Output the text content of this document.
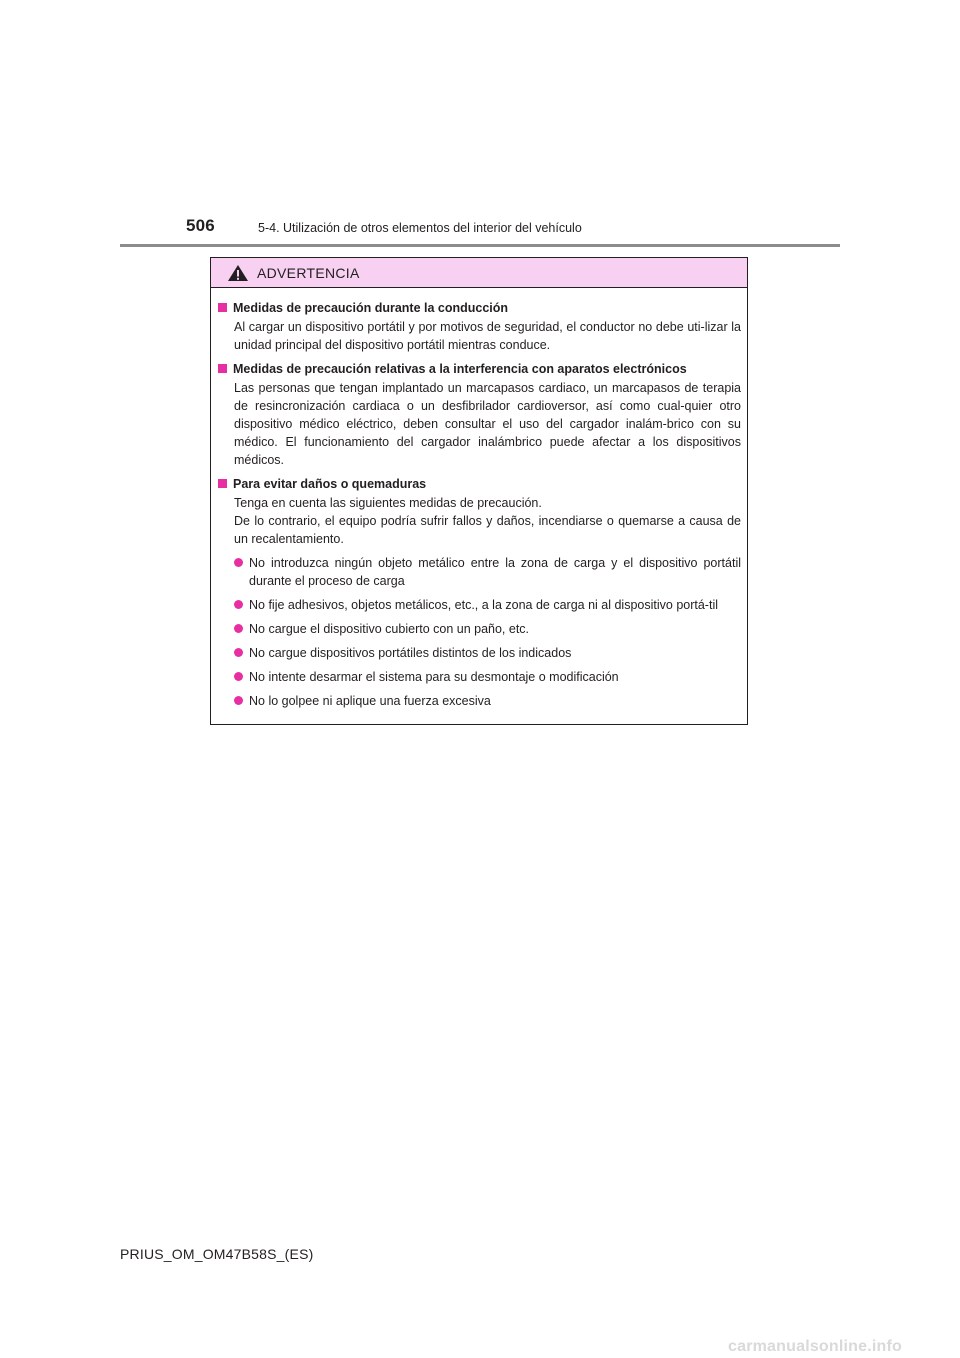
506	5-4. Utilización de otros elementos del interior del vehículo
ADVERTENCIA
Medidas de precaución durante la conducción

Al cargar un dispositivo portátil y por motivos de seguridad, el conductor no debe uti-lizar la unidad principal del dispositivo portátil mientras conduce.

Medidas de precaución relativas a la interferencia con aparatos electrónicos

Las personas que tengan implantado un marcapasos cardiaco, un marcapasos de terapia de resincronización cardiaca o un desfibrilador cardioversor, así como cual-quier otro dispositivo médico eléctrico, deben consultar el uso del cargador inalám-brico con su médico. El funcionamiento del cargador inalámbrico puede afectar a los dispositivos médicos.

Para evitar daños o quemaduras

Tenga en cuenta las siguientes medidas de precaución.

De lo contrario, el equipo podría sufrir fallos y daños, incendiarse o quemarse a causa de un recalentamiento.

No introduzca ningún objeto metálico entre la zona de carga y el dispositivo portátil durante el proceso de carga
No fije adhesivos, objetos metálicos, etc., a la zona de carga ni al dispositivo portá-til
No cargue el dispositivo cubierto con un paño, etc.
No cargue dispositivos portátiles distintos de los indicados
No intente desarmar el sistema para su desmontaje o modificación
No lo golpee ni aplique una fuerza excesiva
PRIUS_OM_OM47B58S_(ES)
carmanualsonline.info
